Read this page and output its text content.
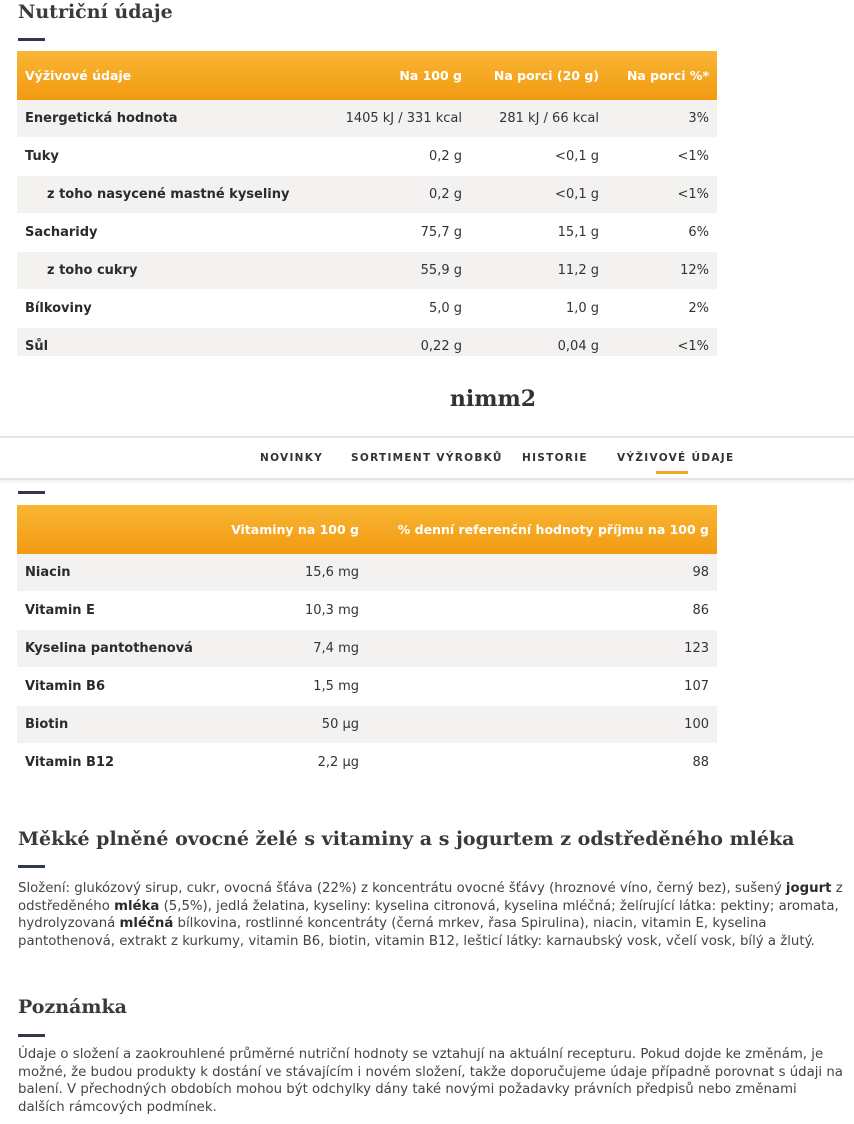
Nutriční údaje
Výživové údaje	Na 100 g	Na porci (20 g)	Na porci %*
Energetická hodnota	1405 kJ / 331 kcal	281 kJ / 66 kcal	3%
Tuky	0,2 g	<0,1 g	<1%
z toho nasycené mastné kyseliny	0,2 g	<0,1 g	<1%
Sacharidy	75,7 g	15,1 g	6%
z toho cukry	55,9 g	11,2 g	12%
Bílkoviny	5,0 g	1,0 g	2%
Sůl	0,22 g	0,04 g	<1%
nimm2
NOVINKY	SORTIMENT VÝROBKŮ HISTORIE	VÝŽIVOVÉ ÚDAJE
	Vitaminy na 100 g	% denní referenční hodnoty příjmu na 100 g
Niacin	15,6 mg	98
Vitamin E	10,3 mg	86
Kyselina pantothenová	7,4 mg	123
Vitamin B6	1,5 mg	107
Biotin	50 µg	100
Vitamin B12	2,2 µg	88
Měkké plněné ovocné želé s vitaminy a s jogurtem z odstředěného mléka

Složení: glukózový sirup, cukr, ovocná šťáva (22%) z koncentrátu ovocné šťávy (hroznové víno, černý bez), sušený jogurt z odstředěného mléka (5,5%), jedlá želatina, kyseliny: kyselina citronová, kyselina mléčná; želírující látka: pektiny; aromata, hydrolyzovaná mléčná bílkovina, rostlinné koncentráty (černá mrkev, řasa Spirulina), niacin, vitamin E, kyselina pantothenová, extrakt z kurkumy, vitamin B6, biotin, vitamin B12, lešticí látky: karnaubský vosk, včelí vosk, bílý a žlutý.

Poznámka

Údaje o složení a zaokrouhlené průměrné nutriční hodnoty se vztahují na aktuální recepturu. Pokud dojde ke změnám, je možné, že budou produkty k dostání ve stávajícím i novém složení, takže doporučujeme údaje případně porovnat s údaji na balení. V přechodných obdobích mohou být odchylky dány také novými požadavky právních předpisů nebo změnami dalších rámcových podmínek.
